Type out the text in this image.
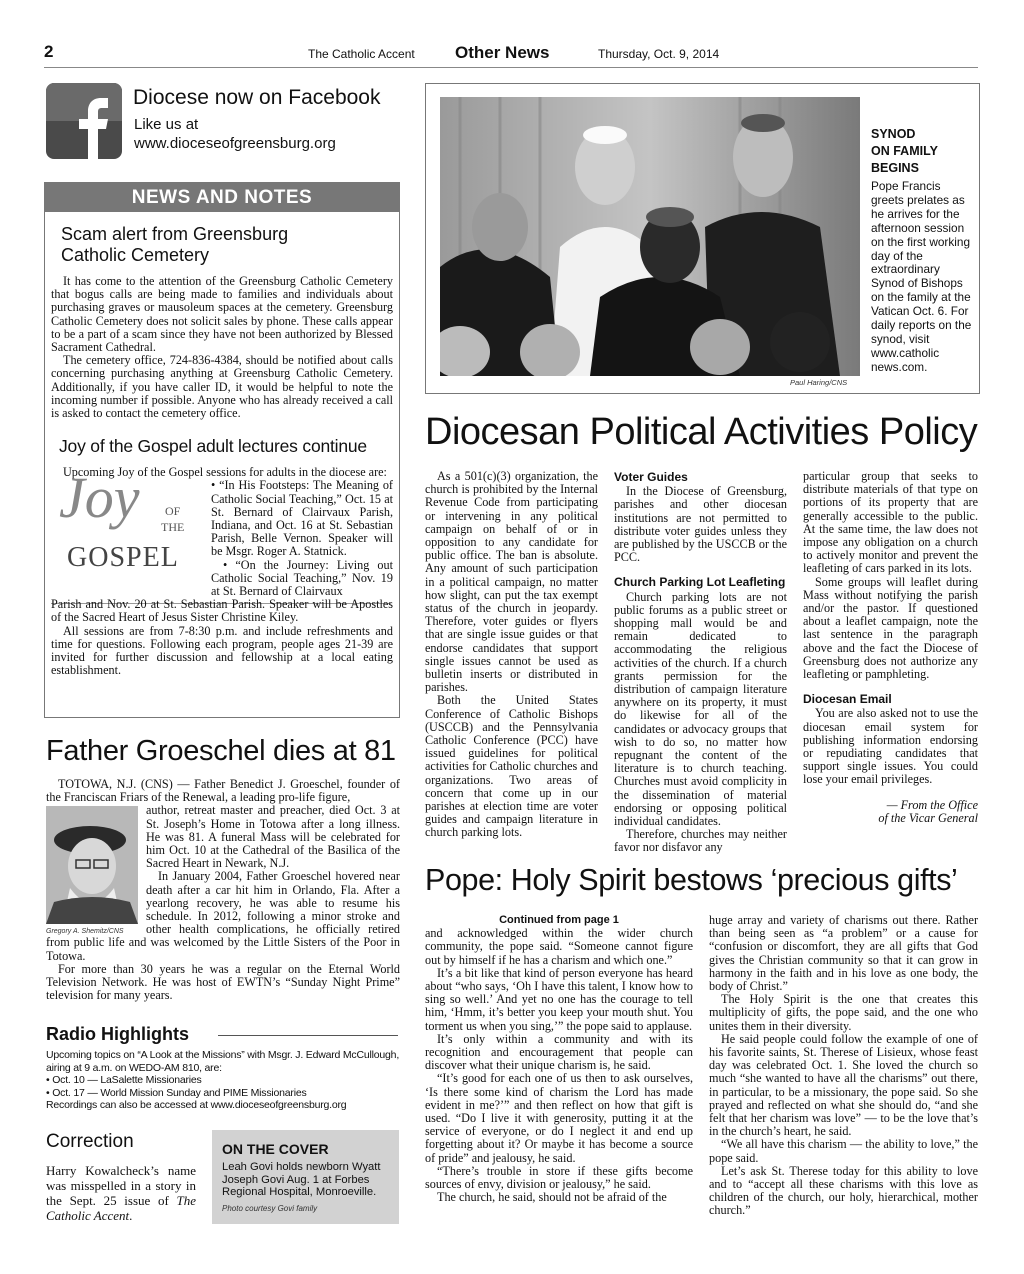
2	The Catholic Accent Other News	Thursday, Oct. 9, 2014
Diocese now on Facebook
Like us at
www.dioceseofgreensburg.org
NEWS AND NOTES
Scam alert from Greensburg
Catholic Cemetery

It has come to the attention of the Greensburg Catholic Cemetery that bogus calls are being made to families and individuals about purchasing graves or mausoleum spaces at the cemetery. Greensburg Catholic Cemetery does not solicit sales by phone. These calls appear to be a part of a scam since they have not been authorized by Blessed Sacrament Cathedral.

The cemetery office, 724-836-4384, should be notified about calls concerning purchasing anything at Greensburg Catholic Cemetery. Additionally, if you have caller ID, it would be helpful to note the incoming number if possible. Anyone who has already received a call is asked to contact the cemetery office.

Joy of the Gospel adult lectures continue

Upcoming Joy of the Gospel sessions for adults in the diocese are:

Joy OF
THE
GOSPEL

• “In His Footsteps: The Meaning of Catholic Social Teaching,” Oct. 15 at St. Bernard of Clairvaux Parish, Indiana, and Oct. 16 at St. Sebastian Parish, Belle Vernon. Speaker will be Msgr. Roger A. Statnick.

• “On the Journey: Living out Catholic Social Teaching,” Nov. 19 at St. Bernard of Clairvaux

Parish and Nov. 20 at St. Sebastian Parish. Speaker will be Apostles of the Sacred Heart of Jesus Sister Christine Kiley.

All sessions are from 7-8:30 p.m. and include refreshments and time for questions. Following each program, people ages 21-39 are invited for further discussion and fellowship at a local eating establishment.

Father Groeschel dies at 81

TOTOWA, N.J. (CNS) — Father Benedict J. Groeschel, founder of the Franciscan Friars of the Renewal, a leading pro-life figure,

Gregory A. Shemitz/CNS

author, retreat master and preacher, died Oct. 3 at St. Joseph’s Home in Totowa after a long illness. He was 81. A funeral Mass will be celebrated for him Oct. 10 at the Cathedral of the Basilica of the Sacred Heart in Newark, N.J.

In January 2004, Father Groeschel hovered near death after a car hit him in Orlando, Fla. After a yearlong recovery, he was able to resume his schedule. In 2012, following a minor stroke and other health complications, he officially retired from public life and was welcomed by the Little Sisters of the Poor in Totowa.

For more than 30 years he was a regular on the Eternal World Television Network. He was host of EWTN’s “Sunday Night Prime” television for many years.

Radio Highlights
Upcoming topics on “A Look at the Missions” with Msgr. J. Edward McCullough, airing at 9 a.m. on WEDO-AM 810, are:
• Oct. 10 — LaSalette Missionaries
• Oct. 17 — World Mission Sunday and PIME Missionaries
Recordings can also be accessed at www.dioceseofgreensburg.org
Correction
Harry Kowalcheck’s name was misspelled in a story in the Sept. 25 issue of The Catholic Accent.
ON THE COVER
Leah Govi holds newborn Wyatt Joseph Govi Aug. 1 at Forbes Regional Hospital, Monroeville.
Photo courtesy Govi family
Paul Haring/CNS
SYNOD
ON FAMILY
BEGINS
Pope Francis greets prelates as he arrives for the afternoon session on the first working day of the extraordinary Synod of Bishops on the family at the Vatican Oct. 6. For daily reports on the synod, visit www.catholic news.com.
Diocesan Political Activities Policy

As a 501(c)(3) organization, the church is prohibited by the Internal Revenue Code from participating or intervening in any political campaign on behalf of or in opposition to any candidate for public office. The ban is absolute. Any amount of such participation in a political campaign, no matter how slight, can put the tax exempt status of the church in jeopardy. Therefore, voter guides or flyers that are single issue guides or that endorse candidates that support single issues cannot be used as bulletin inserts or distributed in parishes.

Both the United States Conference of Catholic Bishops (USCCB) and the Pennsylvania Catholic Conference (PCC) have issued guidelines for political activities for Catholic churches and organizations. Two areas of concern that come up in our parishes at election time are voter guides and campaign literature in church parking lots.

Voter Guides

In the Diocese of Greensburg, parishes and other diocesan institutions are not permitted to distribute voter guides unless they are published by the USCCB or the PCC.

Church Parking Lot Leafleting

Church parking lots are not public forums as a public street or shopping mall would be and remain dedicated to accommodating the religious activities of the church. If a church grants permission for the distribution of campaign literature anywhere on its property, it must do likewise for all of the candidates or advocacy groups that wish to do so, no matter how repugnant the content of the literature is to church teaching. Churches must avoid complicity in the dissemination of material endorsing or opposing political individual candidates.

Therefore, churches may neither favor nor disfavor any

particular group that seeks to distribute materials of that type on portions of its property that are generally accessible to the public. At the same time, the law does not impose any obligation on a church to actively monitor and prevent the leafleting of cars parked in its lots.

Some groups will leaflet during Mass without notifying the parish and/or the pastor. If questioned about a leaflet campaign, note the last sentence in the paragraph above and the fact the Diocese of Greensburg does not authorize any leafleting or pamphleting.

Diocesan Email

You are also asked not to use the diocesan email system for publishing information endorsing or repudiating candidates that support single issues. You could lose your email privileges.

— From the Office
of the Vicar General
Pope: Holy Spirit bestows ‘precious gifts’
Continued from page 1

and acknowledged within the wider church community, the pope said. “Someone cannot figure out by himself if he has a charism and which one.”

It’s a bit like that kind of person everyone has heard about “who says, ‘Oh I have this talent, I know how to sing so well.’ And yet no one has the courage to tell him, ‘Hmm, it’s better you keep your mouth shut. You torment us when you sing,’” the pope said to applause.

It’s only within a community and with its recognition and encouragement that people can discover what their unique charism is, he said.

“It’s good for each one of us then to ask ourselves, ‘Is there some kind of charism the Lord has made evident in me?’” and then reflect on how that gift is used. “Do I live it with generosity, putting it at the service of everyone, or do I neglect it and end up forgetting about it? Or maybe it has become a source of pride” and jealousy, he said.

“There’s trouble in store if these gifts become sources of envy, division or jealousy,” he said.

The church, he said, should not be afraid of the

huge array and variety of charisms out there. Rather than being seen as “a problem” or a cause for “confusion or discomfort, they are all gifts that God gives the Christian community so that it can grow in harmony in the faith and in his love as one body, the body of Christ.”

The Holy Spirit is the one that creates this multiplicity of gifts, the pope said, and the one who unites them in their diversity.

He said people could follow the example of one of his favorite saints, St. Therese of Lisieux, whose feast day was celebrated Oct. 1. She loved the church so much “she wanted to have all the charisms” out there, in particular, to be a missionary, the pope said. So she prayed and reflected on what she should do, “and she felt that her charism was love” — to be the love that’s in the church’s heart, he said.

“We all have this charism — the ability to love,” the pope said.

Let’s ask St. Therese today for this ability to love and to “accept all these charisms with this love as children of the church, our holy, hierarchical, mother church.”
